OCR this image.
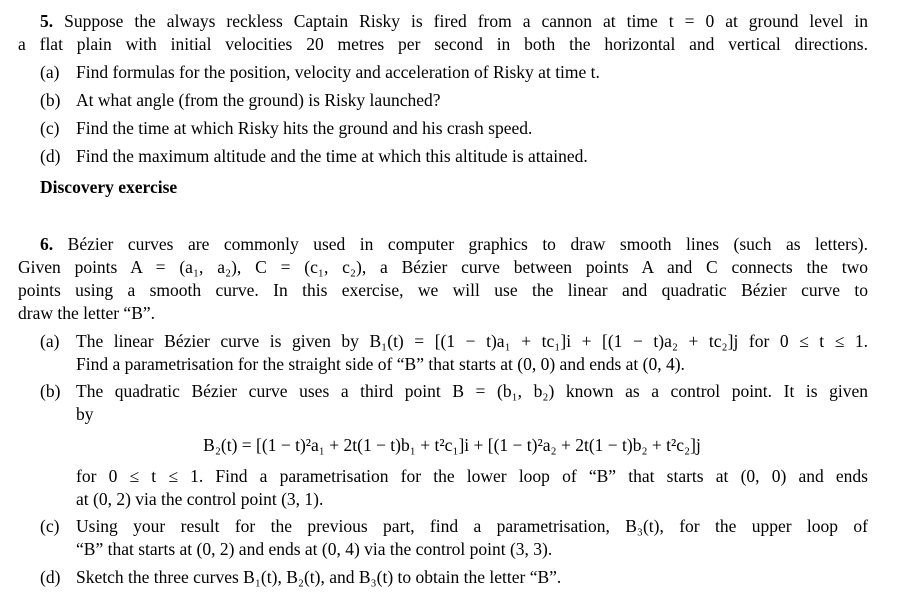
5. Suppose the always reckless Captain Risky is fired from a cannon at time t = 0 at ground level in
a flat plain with initial velocities 20 metres per second in both the horizontal and vertical directions.
(a) Find formulas for the position, velocity and acceleration of Risky at time t.
(b) At what angle (from the ground) is Risky launched?
(c) Find the time at which Risky hits the ground and his crash speed.
(d) Find the maximum altitude and the time at which this altitude is attained.
Discovery exercise
6. Bézier curves are commonly used in computer graphics to draw smooth lines (such as letters).
Given points A = (a₁, a₂), C = (c₁, c₂), a Bézier curve between points A and C connects the two
points using a smooth curve. In this exercise, we will use the linear and quadratic Bézier curve to
draw the letter “B”.
(a) The linear Bézier curve is given by B₁(t) = [(1 − t)a₁ + tc₁]i + [(1 − t)a₂ + tc₂]j for 0 ≤ t ≤ 1.
Find a parametrisation for the straight side of “B” that starts at (0, 0) and ends at (0, 4).
(b) The quadratic Bézier curve uses a third point B = (b₁, b₂) known as a control point. It is given
by
B₂(t) = [(1 − t)²a₁ + 2t(1 − t)b₁ + t²c₁]i + [(1 − t)²a₂ + 2t(1 − t)b₂ + t²c₂]j
for 0 ≤ t ≤ 1. Find a parametrisation for the lower loop of “B” that starts at (0, 0) and ends
at (0, 2) via the control point (3, 1).
(c) Using your result for the previous part, find a parametrisation, B₃(t), for the upper loop of
“B” that starts at (0, 2) and ends at (0, 4) via the control point (3, 3).
(d) Sketch the three curves B₁(t), B₂(t), and B₃(t) to obtain the letter “B”.
